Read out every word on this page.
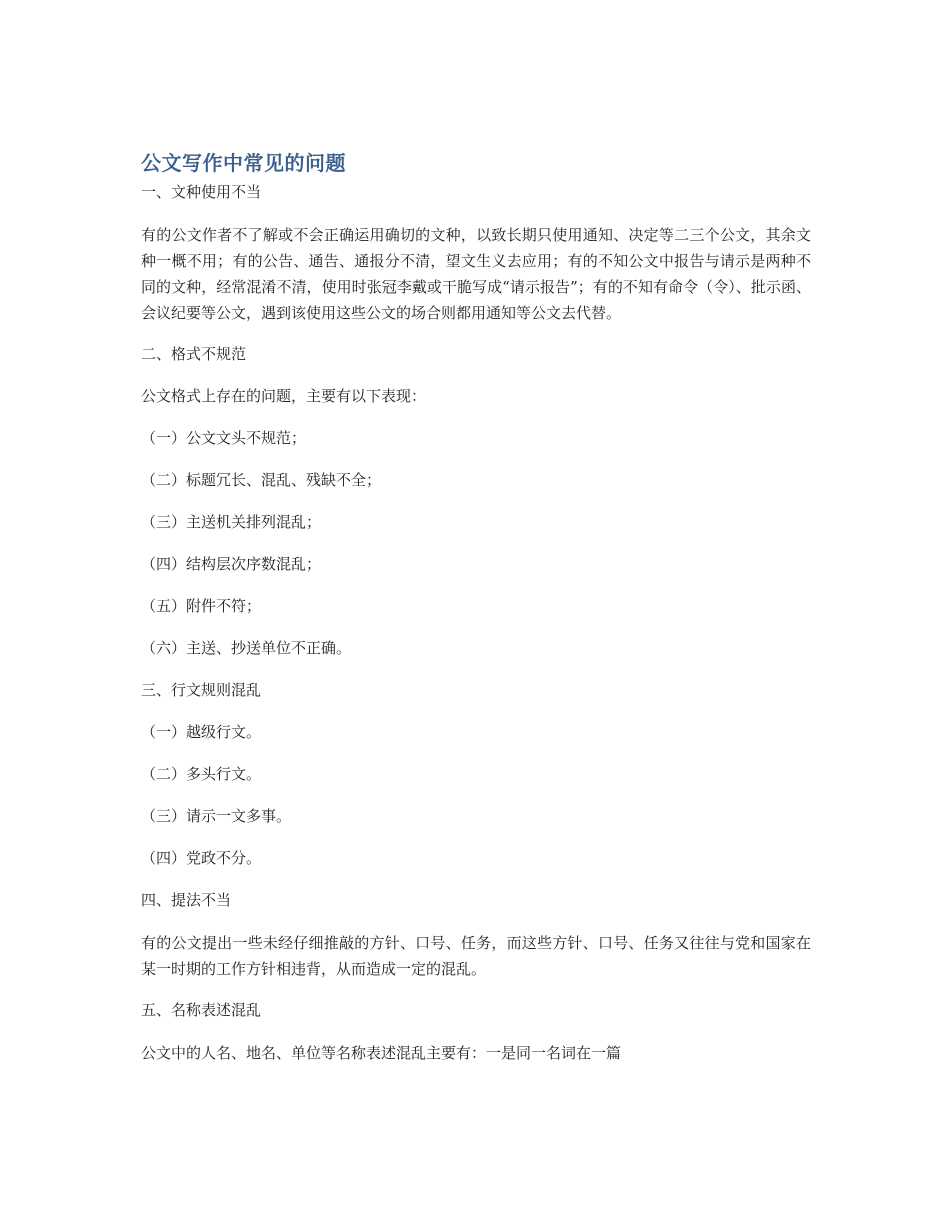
公文写作中常见的问题
一、文种使用不当

有的公文作者不了解或不会正确运用确切的文种，以致长期只使用通知、决定等二三个公文，其余文种一概不用；有的公告、通告、通报分不清，望文生义去应用；有的不知公文中报告与请示是两种不同的文种，经常混淆不清，使用时张冠李戴或干脆写成“请示报告”；有的不知有命令（令）、批示函、会议纪要等公文，遇到该使用这些公文的场合则都用通知等公文去代替。

二、格式不规范
公文格式上存在的问题，主要有以下表现：
（一）公文文头不规范；
（二）标题冗长、混乱、残缺不全；
（三）主送机关排列混乱；
（四）结构层次序数混乱；
（五）附件不符；
（六）主送、抄送单位不正确。
三、行文规则混乱
（一）越级行文。
（二）多头行文。
（三）请示一文多事。
（四）党政不分。
四、提法不当

有的公文提出一些未经仔细推敲的方针、口号、任务，而这些方针、口号、任务又往往与党和国家在某一时期的工作方针相违背，从而造成一定的混乱。

五、名称表述混乱

公文中的人名、地名、单位等名称表述混乱主要有：一是同一名词在一篇
